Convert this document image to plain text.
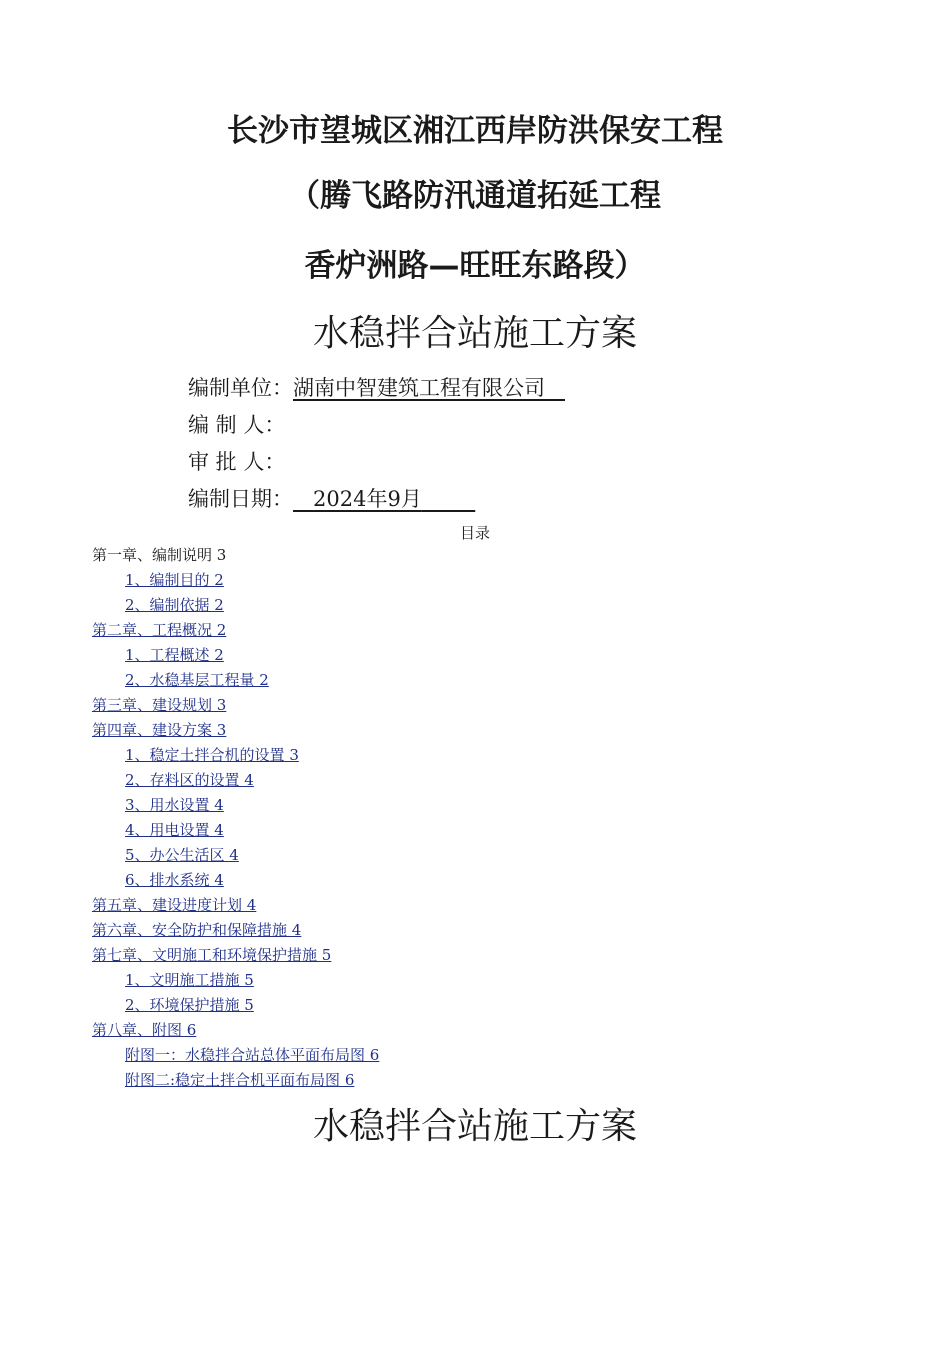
长沙市望城区湘江西岸防洪保安工程
（腾飞路防汛通道拓延工程
香炉洲路—旺旺东路段）
水稳拌合站施工方案
编制单位：湖南中智建筑工程有限公司
编 制 人：
审 批 人：
编制日期： 2024年9月
目录
第一章、编制说明 3
1、编制目的 2
2、编制依据 2
第二章、工程概况 2
1、工程概述 2
2、水稳基层工程量 2
第三章、建设规划 3
第四章、建设方案 3
1、稳定土拌合机的设置 3
2、存料区的设置 4
3、用水设置 4
4、用电设置 4
5、办公生活区 4
6、排水系统 4
第五章、建设进度计划 4
第六章、安全防护和保障措施 4
第七章、文明施工和环境保护措施 5
1、文明施工措施 5
2、环境保护措施 5
第八章、附图 6
附图一：水稳拌合站总体平面布局图 6
附图二:稳定土拌合机平面布局图 6
水稳拌合站施工方案
